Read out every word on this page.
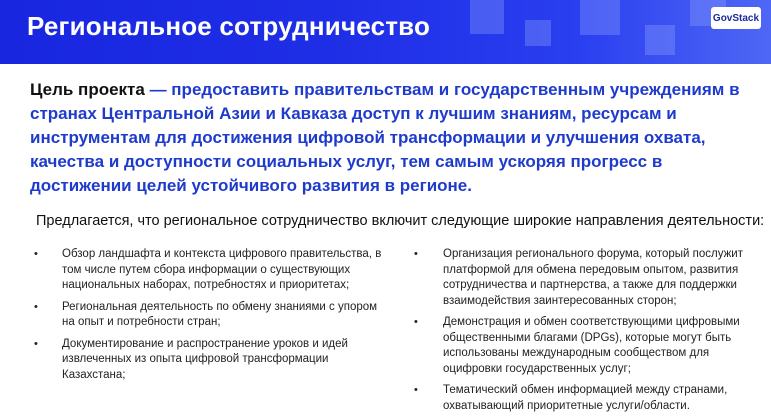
Региональное сотрудничество	GovStack
Цель проекта — предоставить правительствам и государственным учреждениям в странах Центральной Азии и Кавказа доступ к лучшим знаниям, ресурсам и инструментам для достижения цифровой трансформации и улучшения охвата, качества и доступности социальных услуг, тем самым ускоряя прогресс в достижении целей устойчивого развития в регионе.
Предлагается, что региональное сотрудничество включит следующие широкие направления деятельности:
• Обзор ландшафта и контекста цифрового правительства, в том числе путем сбора информации о существующих национальных наборах, потребностях и приоритетах;
• Региональная деятельность по обмену знаниями с упором на опыт и потребности стран;
• Документирование и распространение уроков и идей извлеченных из опыта цифровой трансформации Казахстана;
• Организация регионального форума, который послужит платформой для обмена передовым опытом, развития сотрудничества и партнерства, а также для поддержки взаимодействия заинтересованных сторон;
• Демонстрация и обмен соответствующими цифровыми общественными благами (DPGs), которые могут быть использованы международным сообществом для оцифровки государственных услуг;
• Тематический обмен информацией между странами, охватывающий приоритетные услуги/области.
